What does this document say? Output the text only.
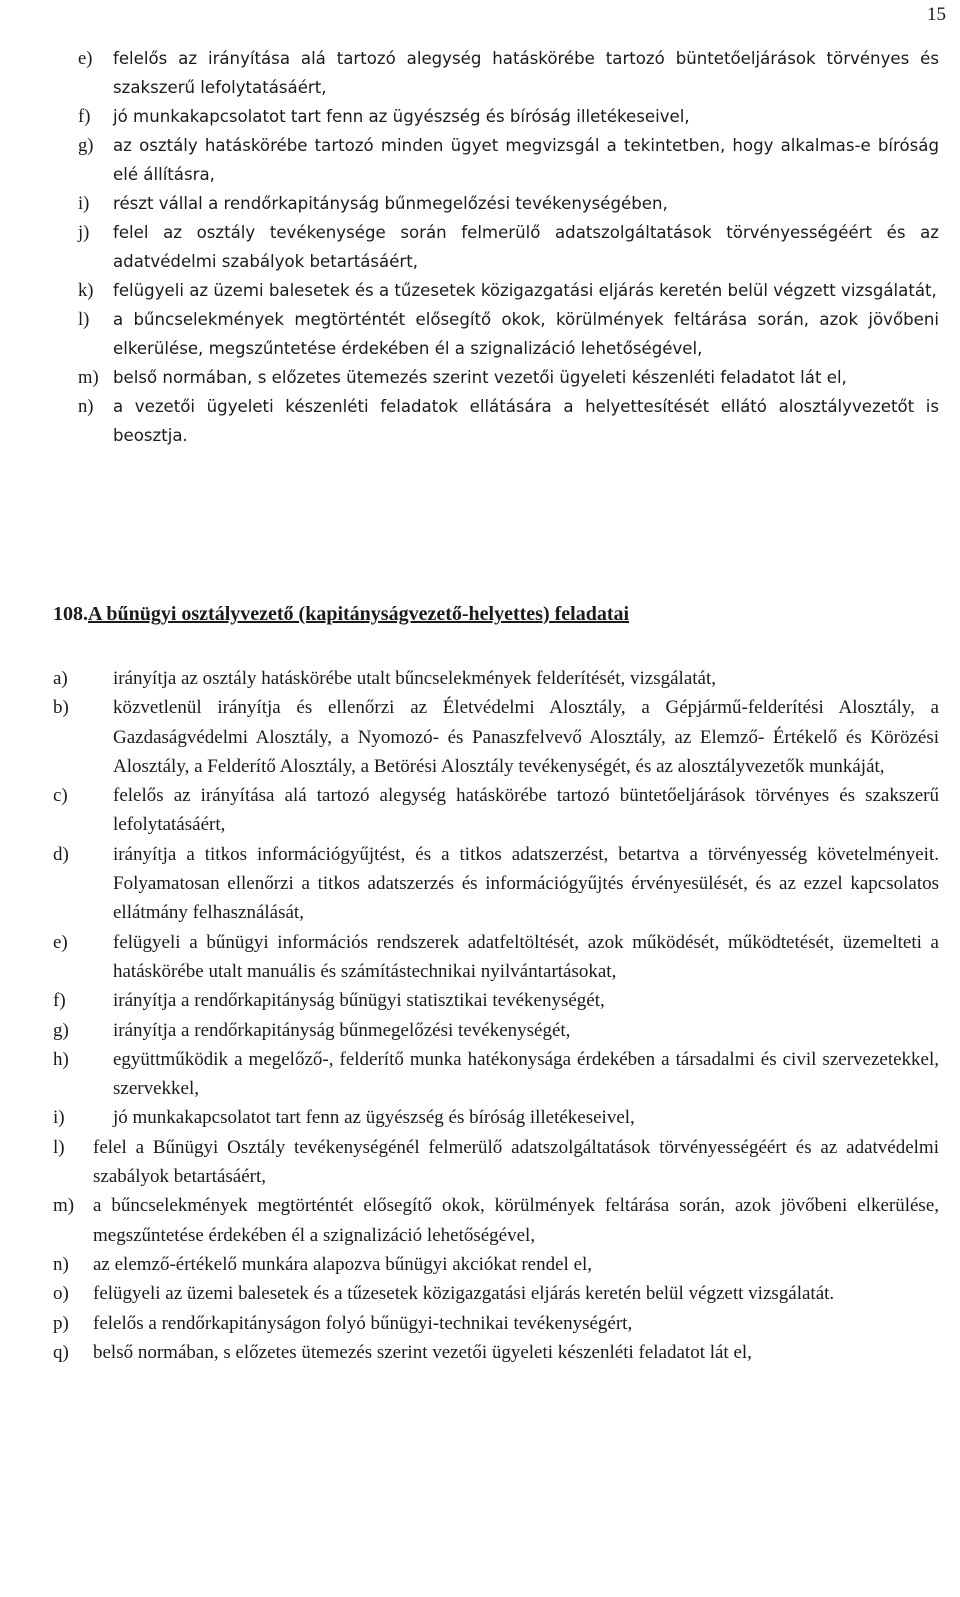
15
e)	felelős az irányítása alá tartozó alegység hatáskörébe tartozó büntetőeljárások törvényes és szakszerű lefolytatásáért,
f)	jó munkakapcsolatot tart fenn az ügyészség és bíróság illetékeseivel,
g)	az osztály hatáskörébe tartozó minden ügyet megvizsgál a tekintetben, hogy alkalmas-e bíróság elé állításra,
i)	részt vállal a rendőrkapitányság bűnmegelőzési tevékenységében,
j)	felel az osztály tevékenysége során felmerülő adatszolgáltatások törvényességéért és az adatvédelmi szabályok betartásáért,
k)	felügyeli az üzemi balesetek és a tűzesetek közigazgatási eljárás keretén belül végzett vizsgálatát,
l)	a bűncselekmények megtörténtét elősegítő okok, körülmények feltárása során, azok jövőbeni elkerülése, megszűntetése érdekében él a szignalizáció lehetőségével,
m) belső normában, s előzetes ütemezés szerint vezetői ügyeleti készenléti feladatot lát el,
n)	a vezetői ügyeleti készenléti feladatok ellátására a helyettesítését ellátó alosztályvezetőt is beosztja.
108. A bűnügyi osztályvezető (kapitányságvezető-helyettes) feladatai
a)	irányítja az osztály hatáskörébe utalt bűncselekmények felderítését, vizsgálatát,
b)	közvetlenül irányítja és ellenőrzi az Életvédelmi Alosztály, a Gépjármű-felderítési Alosztály, a Gazdaságvédelmi Alosztály, a Nyomozó- és Panaszfelvevő Alosztály, az Elemző- Értékelő és Körözési Alosztály, a Felderítő Alosztály, a Betörési Alosztály tevékenységét, és az alosztályvezetők munkáját,
c)	felelős az irányítása alá tartozó alegység hatáskörébe tartozó büntetőeljárások törvényes és szakszerű lefolytatásáért,
d)	irányítja a titkos információgyűjtést, és a titkos adatszerzést, betartva a törvényesség követelményeit. Folyamatosan ellenőrzi a titkos adatszerzés és információgyűjtés érvényesülését, és az ezzel kapcsolatos ellátmány felhasználását,
e)	felügyeli a bűnügyi információs rendszerek adatfeltöltését, azok működését, működtetését, üzemelteti a hatáskörébe utalt manuális és számítástechnikai nyilvántartásokat,
f)	irányítja a rendőrkapitányság bűnügyi statisztikai tevékenységét,
g)	irányítja a rendőrkapitányság bűnmegelőzési tevékenységét,
h)	együttműködik a megelőző-, felderítő munka hatékonysága érdekében a társadalmi és civil szervezetekkel, szervekkel,
i)	jó munkakapcsolatot tart fenn az ügyészség és bíróság illetékeseivel,
l)	felel a Bűnügyi Osztály tevékenységénél felmerülő adatszolgáltatások törvényességéért és az adatvédelmi szabályok betartásáért,
m) a bűncselekmények megtörténtét elősegítő okok, körülmények feltárása során, azok jövőbeni elkerülése, megszűntetése érdekében él a szignalizáció lehetőségével,
n)	az elemző-értékelő munkára alapozva bűnügyi akciókat rendel el,
o)	felügyeli az üzemi balesetek és a tűzesetek közigazgatási eljárás keretén belül végzett vizsgálatát.
p)	felelős a rendőrkapitányságon folyó bűnügyi-technikai tevékenységért,
q)	belső normában, s előzetes ütemezés szerint vezetői ügyeleti készenléti feladatot lát el,
